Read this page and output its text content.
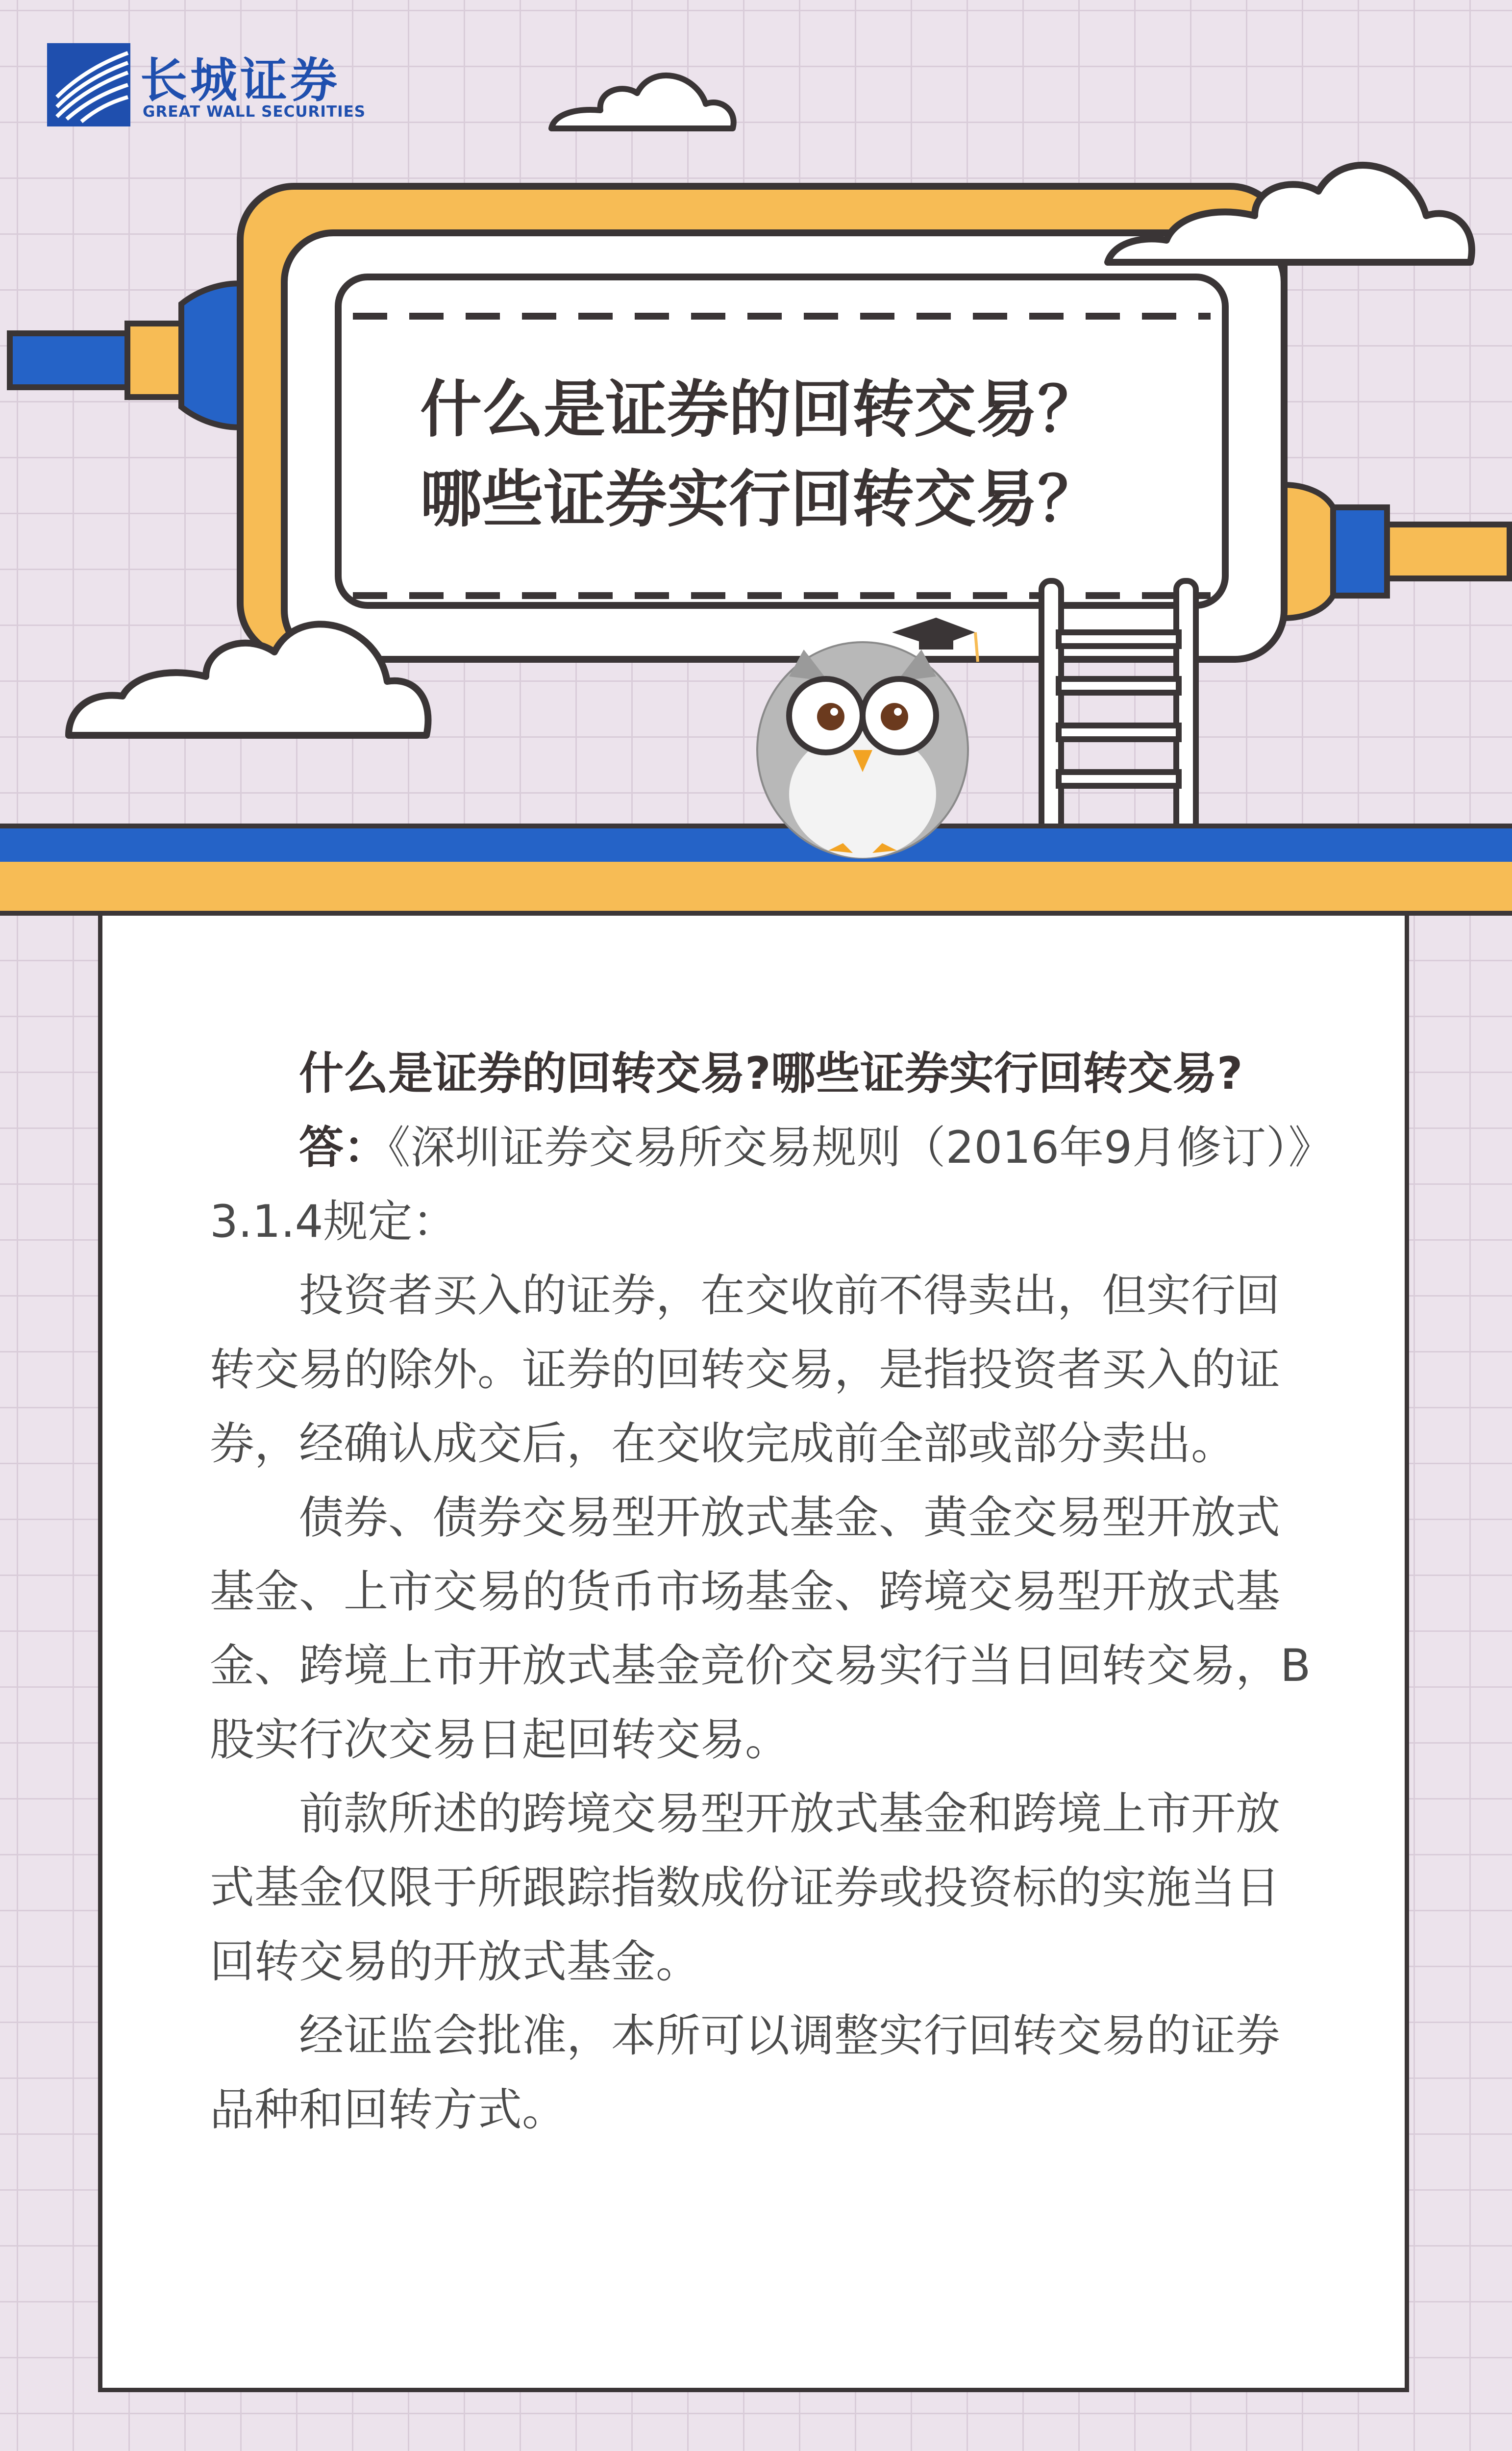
长城证券
GREAT WALL SECURITIES
什么是证券的回转交易？
哪些证券实行回转交易？

什么是证券的回转交易?哪些证券实行回转交易?

答：《深圳证券交易所交易规则（2016年9月修订）》3.1.4规定：

投资者买入的证券，在交收前不得卖出，但实行回转交易的除外。证券的回转交易，是指投资者买入的证券，经确认成交后，在交收完成前全部或部分卖出。

债券、债券交易型开放式基金、黄金交易型开放式基金、上市交易的货币市场基金、跨境交易型开放式基金、跨境上市开放式基金竞价交易实行当日回转交易，B股实行次交易日起回转交易。

前款所述的跨境交易型开放式基金和跨境上市开放式基金仅限于所跟踪指数成份证券或投资标的实施当日回转交易的开放式基金。

经证监会批准，本所可以调整实行回转交易的证券品种和回转方式。
